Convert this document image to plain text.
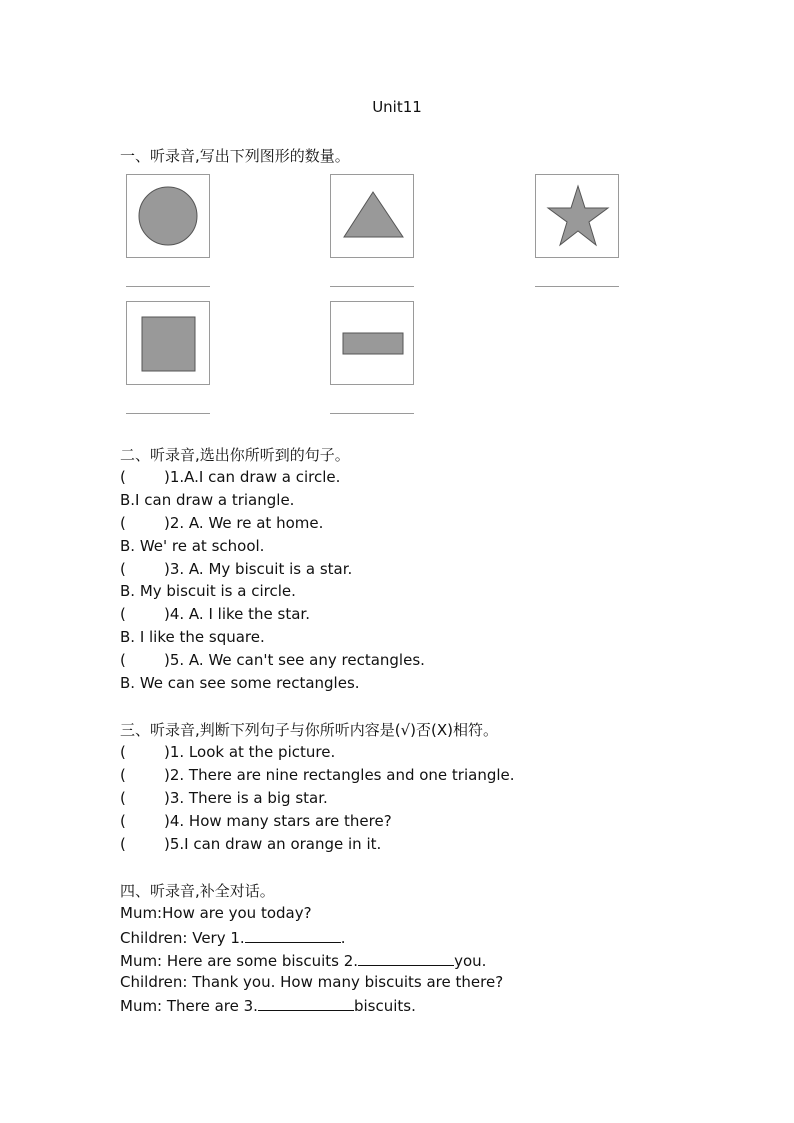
Unit11
一、听录音,写出下列图形的数量。
二、听录音,选出你所听到的句子。
(        )1.A.I can draw a circle.
B.I can draw a triangle.
(        )2. A. We re at home.
B. We' re at school.
(        )3. A. My biscuit is a star.
B. My biscuit is a circle.
(        )4. A. I like the star.
B. I like the square.
(        )5. A. We can't see any rectangles.
B. We can see some rectangles.
三、听录音,判断下列句子与你所听内容是(√)否(X)相符。
(        )1. Look at the picture.
(        )2. There are nine rectangles and one triangle.
(        )3. There is a big star.
(        )4. How many stars are there?
(        )5.I can draw an orange in it.
四、听录音,补全对话。
Mum:How are you today?
Children: Very 1.	.
Mum: Here are some biscuits 2.	you.
Children: Thank you. How many biscuits are there?
Mum: There are 3.	biscuits.
